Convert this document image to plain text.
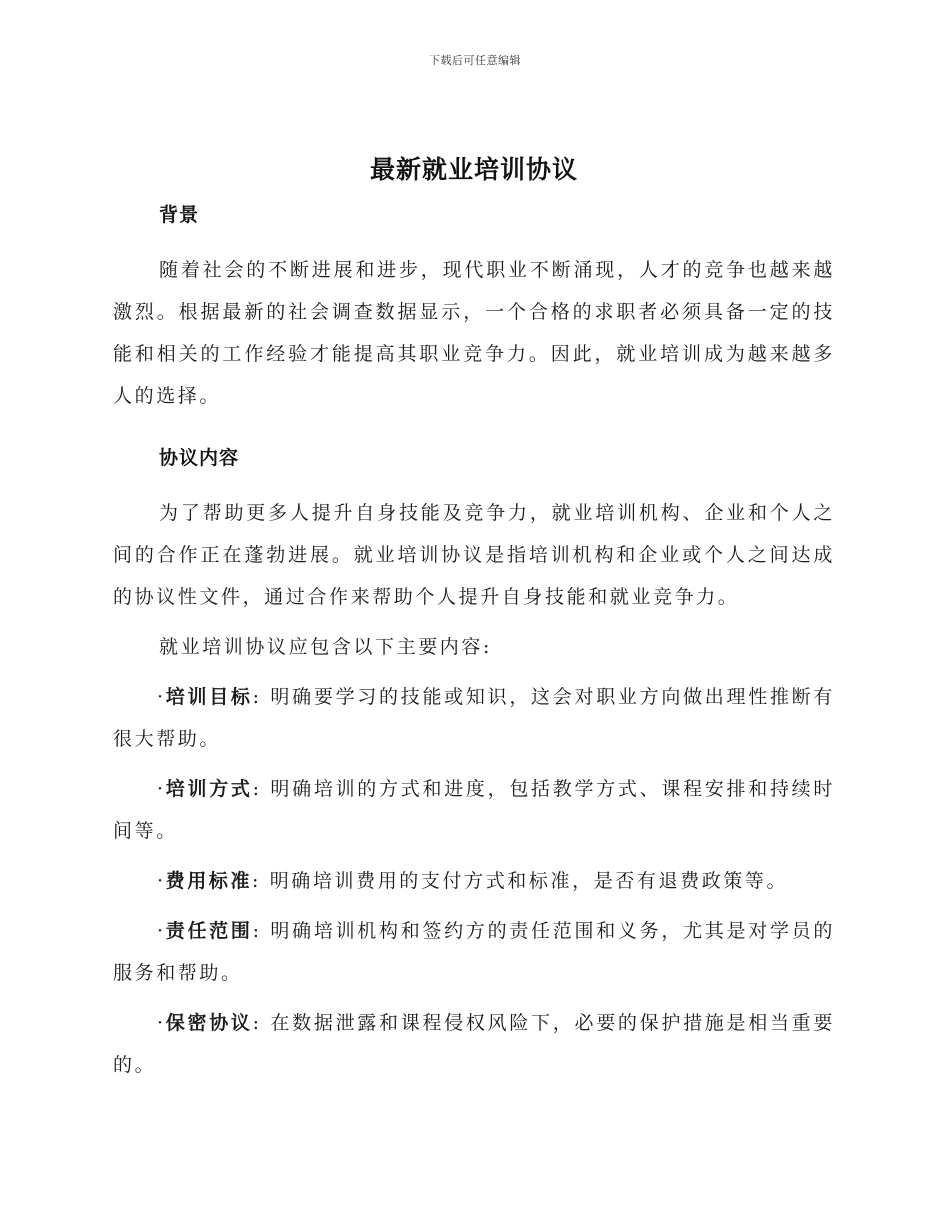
下载后可任意编辑
最新就业培训协议
背景

随着社会的不断进展和进步，现代职业不断涌现，人才的竞争也越来越激烈。根据最新的社会调查数据显示，一个合格的求职者必须具备一定的技能和相关的工作经验才能提高其职业竞争力。因此，就业培训成为越来越多人的选择。

协议内容

为了帮助更多人提升自身技能及竞争力，就业培训机构、企业和个人之间的合作正在蓬勃进展。就业培训协议是指培训机构和企业或个人之间达成的协议性文件，通过合作来帮助个人提升自身技能和就业竞争力。

就业培训协议应包含以下主要内容:

·培训目标: 明确要学习的技能或知识，这会对职业方向做出理性推断有很大帮助。

·培训方式: 明确培训的方式和进度，包括教学方式、课程安排和持续时间等。

·费用标准: 明确培训费用的支付方式和标准，是否有退费政策等。

·责任范围: 明确培训机构和签约方的责任范围和义务，尤其是对学员的服务和帮助。

·保密协议: 在数据泄露和课程侵权风险下，必要的保护措施是相当重要的。
